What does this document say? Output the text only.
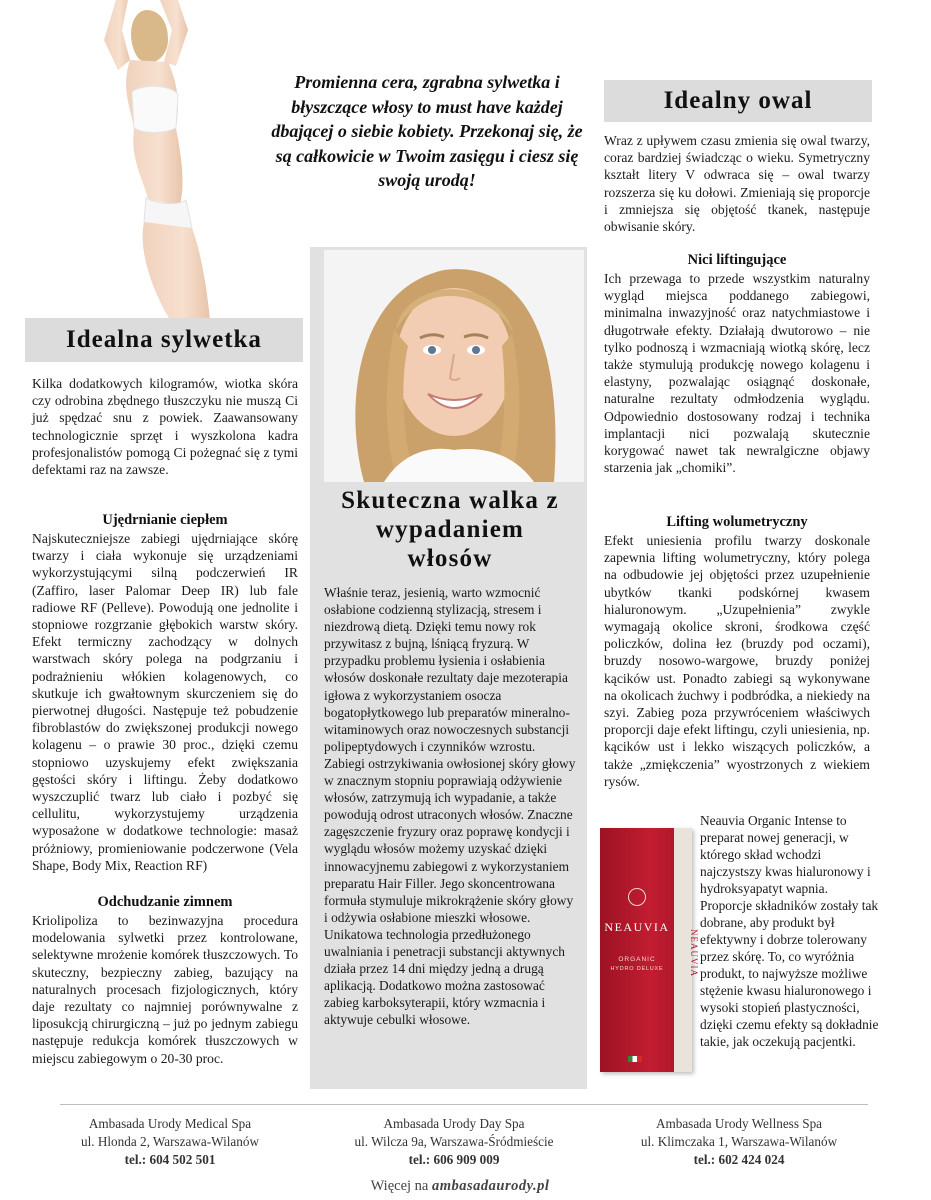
Promienna cera, zgrabna sylwetka i błyszczące włosy to must have każdej dbającej o siebie kobiety. Przekonaj się, że są całkowicie w Twoim zasięgu i ciesz się swoją urodą!
Idealna sylwetka
Kilka dodatkowych kilogramów, wiotka skóra czy odrobina zbędnego tłuszczyku nie muszą Ci już spędzać snu z powiek. Zaawansowany technologicznie sprzęt i wyszkolona kadra profesjonalistów pomogą Ci pożegnać się z tymi defektami raz na zawsze.
Ujędrnianie ciepłem
Najskuteczniejsze zabiegi ujędrniające skórę twarzy i ciała wykonuje się urządzeniami wykorzystującymi silną podczerwień IR (Zaffiro, laser Palomar Deep IR) lub fale radiowe RF (Pelleve). Powodują one jednolite i stopniowe rozgrzanie głębokich warstw skóry. Efekt termiczny zachodzący w dolnych warstwach skóry polega na podgrzaniu i podrażnieniu włókien kolagenowych, co skutkuje ich gwałtownym skurczeniem się do pierwotnej długości. Następuje też pobudzenie fibroblastów do zwiększonej produkcji nowego kolagenu – o prawie 30 proc., dzięki czemu stopniowo uzyskujemy efekt zwiększania gęstości skóry i liftingu. Żeby dodatkowo wyszczuplić twarz lub ciało i pozbyć się cellulitu, wykorzystujemy urządzenia wyposażone w dodatkowe technologie: masaż próżniowy, promieniowanie podczerwone (Vela Shape, Body Mix, Reaction RF)
Odchudzanie zimnem
Kriolipoliza to bezinwazyjna procedura modelowania sylwetki przez kontrolowane, selektywne mrożenie komórek tłuszczowych. To skuteczny, bezpieczny zabieg, bazujący na naturalnych procesach fizjologicznych, który daje rezultaty co najmniej porównywalne z liposukcją chirurgiczną – już po jednym zabiegu następuje redukcja komórek tłuszczowych w miejscu zabiegowym o 20-30 proc.
Skuteczna walka z wypadaniem włosów
Właśnie teraz, jesienią, warto wzmocnić osłabione codzienną stylizacją, stresem i niezdrową dietą. Dzięki temu nowy rok przywitasz z bujną, lśniącą fryzurą. W przypadku problemu łysienia i osłabienia włosów doskonałe rezultaty daje mezoterapia igłowa z wykorzystaniem osocza bogatopłytkowego lub preparatów mineralno-witaminowych oraz nowoczesnych substancji polipeptydowych i czynników wzrostu. Zabiegi ostrzykiwania owłosionej skóry głowy w znacznym stopniu poprawiają odżywienie włosów, zatrzymują ich wypadanie, a także powodują odrost utraconych włosów. Znaczne zagęszczenie fryzury oraz poprawę kondycji i wyglądu włosów możemy uzyskać dzięki innowacyjnemu zabiegowi z wykorzystaniem preparatu Hair Filler. Jego skoncentrowana formuła stymuluje mikrokrążenie skóry głowy i odżywia osłabione mieszki włosowe. Unikatowa technologia przedłużonego uwalniania i penetracji substancji aktywnych działa przez 14 dni między jedną a drugą aplikacją. Dodatkowo można zastosować zabieg karboksyterapii, który wzmacnia i aktywuje cebulki włosowe.
Idealny owal
Wraz z upływem czasu zmienia się owal twarzy, coraz bardziej świadcząc o wieku. Symetryczny kształt litery V odwraca się – owal twarzy rozszerza się ku dołowi. Zmieniają się proporcje i zmniejsza się objętość tkanek, następuje obwisanie skóry.
Nici liftingujące
Ich przewaga to przede wszystkim naturalny wygląd miejsca poddanego zabiegowi, minimalna inwazyjność oraz natychmiastowe i długotrwałe efekty. Działają dwutorowo – nie tylko podnoszą i wzmacniają wiotką skórę, lecz także stymulują produkcję nowego kolagenu i elastyny, pozwalając osiągnąć doskonałe, naturalne rezultaty odmłodzenia wyglądu. Odpowiednio dostosowany rodzaj i technika implantacji nici pozwalają skutecznie korygować nawet tak newralgiczne objawy starzenia jak „chomiki”.
Lifting wolumetryczny
Efekt uniesienia profilu twarzy doskonale zapewnia lifting wolumetryczny, który polega na odbudowie jej objętości przez uzupełnienie ubytków tkanki podskórnej kwasem hialuronowym. „Uzupełnienia” zwykle wymagają okolice skroni, środkowa część policzków, dolina łez (bruzdy pod oczami), bruzdy nosowo-wargowe, bruzdy poniżej kącików ust. Ponadto zabiegi są wykonywane na okolicach żuchwy i podbródka, a niekiedy na szyi. Zabieg poza przywróceniem właściwych proporcji daje efekt liftingu, czyli uniesienia, np. kącików ust i lekko wiszących policzków, a także „zmiękczenia” wyostrzonych z wiekiem rysów.
NEAUVIA
ORGANIC
HYDRO DELUXE	NEAUVIA
Neauvia Organic Intense to preparat nowej generacji, w którego skład wchodzi najczystszy kwas hialuronowy i hydroksyapatyt wapnia. Proporcje składników zostały tak dobrane, aby produkt był efektywny i dobrze tolerowany przez skórę. To, co wyróżnia produkt, to najwyższe możliwe stężenie kwasu hialuronowego i wysoki stopień plastyczności, dzięki czemu efekty są dokładnie takie, jak oczekują pacjentki.
Ambasada Urody Medical Spa
ul. Hlonda 2, Warszawa-Wilanów
tel.: 604 502 501
Ambasada Urody Day Spa
ul. Wilcza 9a, Warszawa-Śródmieście
tel.: 606 909 009
Ambasada Urody Wellness Spa
ul. Klimczaka 1, Warszawa-Wilanów
tel.: 602 424 024
Więcej na ambasadaurody.pl
